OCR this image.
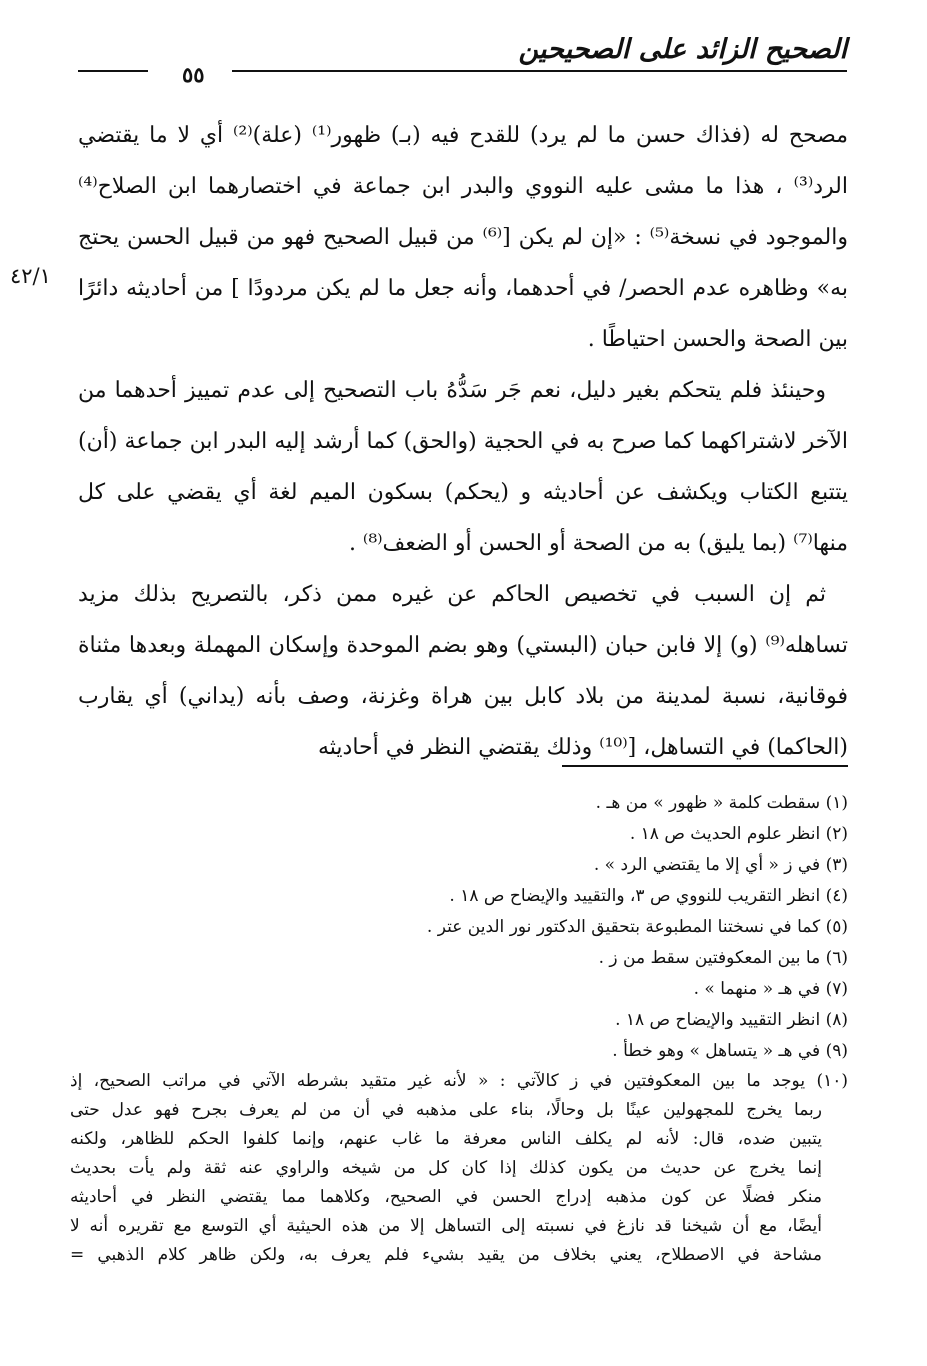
الصحيح الزائد على الصحيحين
٥٥
٤٢/١

مصحح له (فذاك حسن ما لم يرد) للقدح فيه (بـ) ظهور⁽¹⁾ (علة)⁽²⁾ أي لا ما يقتضي الرد⁽³⁾ ، هذا ما مشى عليه النووي والبدر ابن جماعة في اختصارهما ابن الصلاح⁽⁴⁾ والموجود في نسخة⁽⁵⁾ : «إن لم يكن [⁽⁶⁾ من قبيل الصحيح فهو من قبيل الحسن يحتج به» وظاهره عدم الحصر/ في أحدهما، وأنه جعل ما لم يكن مردودًا ] من أحاديثه دائرًا بين الصحة والحسن احتياطًا .

وحينئذ فلم يتحكم بغير دليل، نعم جَر سَدُّهُ باب التصحيح إلى عدم تمييز أحدهما من الآخر لاشتراكهما كما صرح به في الحجية (والحق) كما أرشد إليه البدر ابن جماعة (أن) يتتبع الكتاب ويكشف عن أحاديثه و (يحكم) بسكون الميم لغة أي يقضي على كل منها⁽⁷⁾ (بما يليق) به من الصحة أو الحسن أو الضعف⁽⁸⁾ .

ثم إن السبب في تخصيص الحاكم عن غيره ممن ذكر، بالتصريح بذلك مزيد تساهله⁽⁹⁾ (و) إلا فابن حبان (البستي) وهو بضم الموحدة وإسكان المهملة وبعدها مثناة فوقانية، نسبة لمدينة من بلاد كابل بين هراة وغزنة، وصف بأنه (يداني) أي يقارب (الحاكما) في التساهل، [⁽¹⁰⁾ وذلك يقتضي النظر في أحاديثه

(١) سقطت كلمة « ظهور » من هـ .
(٢) انظر علوم الحديث ص ١٨ .
(٣) في ز « أي إلا ما يقتضي الرد » .
(٤) انظر التقريب للنووي ص ٣، والتقييد والإيضاح ص ١٨ .
(٥) كما في نسختنا المطبوعة بتحقيق الدكتور نور الدين عتر .
(٦) ما بين المعكوفتين سقط من ز .
(٧) في هـ « منهما » .
(٨) انظر التقييد والإيضاح ص ١٨ .
(٩) في هـ « يتساهل » وهو خطأ .
(١٠) يوجد ما بين المعكوفتين في ز كالآتي : « لأنه غير متقيد بشرطه الآتي في مراتب الصحيح، إذ
ربما يخرج للمجهولين عينًا بل وحالًا، بناء على مذهبه في أن من لم يعرف بجرح فهو عدل حتى
يتبين ضده، قال: لأنه لم يكلف الناس معرفة ما غاب عنهم، وإنما كلفوا الحكم للظاهر، ولكنه
إنما يخرج عن حديث من يكون كذلك إذا كان كل من شيخه والراوي عنه ثقة ولم يأت بحديث
منكر فضلًا عن كون مذهبه إدراج الحسن في الصحيح، وكلاهما مما يقتضي النظر في أحاديثه
أيضًا، مع أن شيخنا قد نازغ في نسبته إلى التساهل إلا من هذه الحيثية أي التوسع مع تقريره أنه لا
مشاحة في الاصطلاح، يعني بخلاف من يقيد بشيء فلم يعرف به، ولكن ظاهر كلام الذهبي =
